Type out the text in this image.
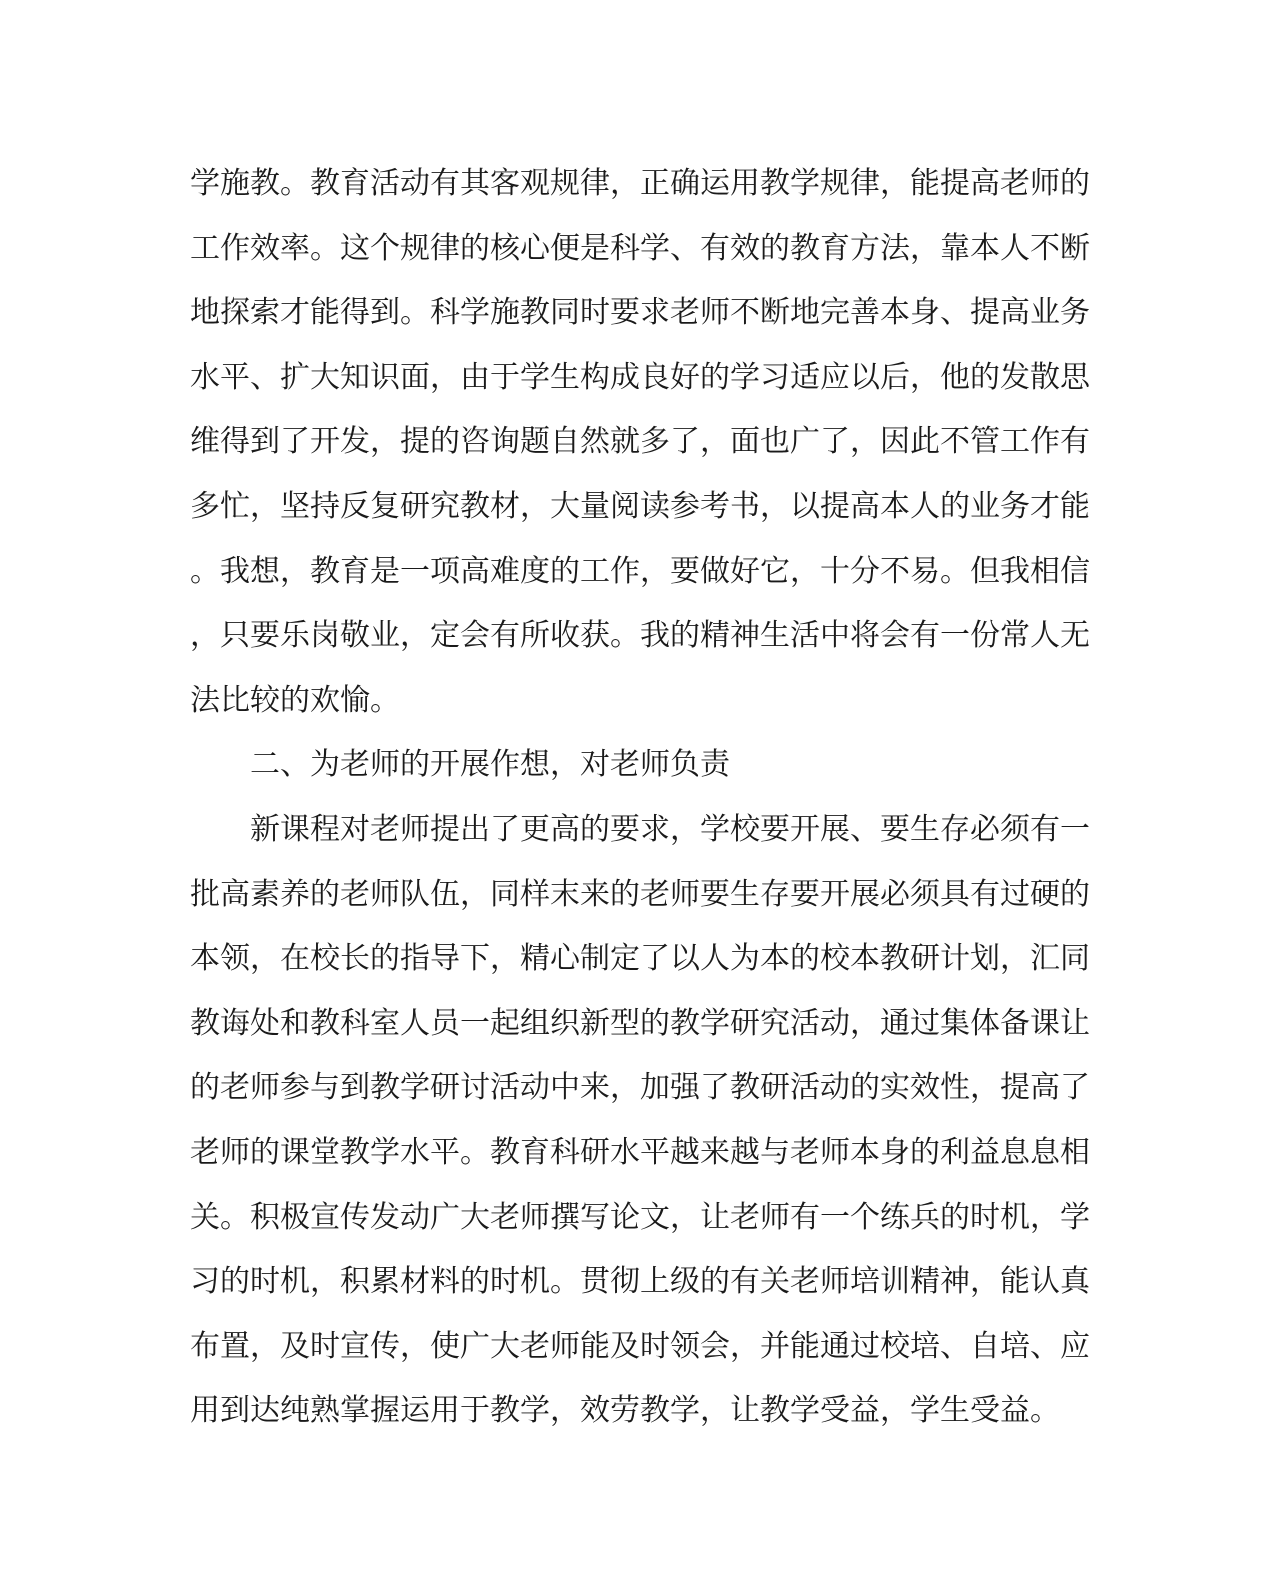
学 施 教 。 教 育 活 动 有 其 客 观 规 律 ， 正 确 运 用 教 学 规 律 ， 能 提 高 老 师 的
工 作 效 率 。 这 个 规 律 的 核 心 便 是 科 学 、 有 效 的 教 育 方 法 ， 靠 本 人 不 断
地 探 索 才 能 得 到 。 科 学 施 教 同 时 要 求 老 师 不 断 地 完 善 本 身 、 提 高 业 务
水 平 、 扩 大 知 识 面 ， 由 于 学 生 构 成 良 好 的 学 习 适 应 以 后 ， 他 的 发 散 思
维 得 到 了 开 发 ， 提 的 咨 询 题 自 然 就 多 了 ， 面 也 广 了 ， 因 此 不 管 工 作 有
多 忙 ， 坚 持 反 复 研 究 教 材 ， 大 量 阅 读 参 考 书 ， 以 提 高 本 人 的 业 务 才 能
。 我 想 ， 教 育 是 一 项 高 难 度 的 工 作 ， 要 做 好 它 ， 十 分 不 易 。 但 我 相 信
， 只 要 乐 岗 敬 业 ， 定 会 有 所 收 获 。 我 的 精 神 生 活 中 将 会 有 一 份 常 人 无
法比较的欢愉。
二、为老师的开展作想，对老师负责
新 课 程 对 老 师 提 出 了 更 高 的 要 求 ， 学 校 要 开 展 、 要 生 存 必 须 有 一
批 高 素 养 的 老 师 队 伍 ， 同 样 末 来 的 老 师 要 生 存 要 开 展 必 须 具 有 过 硬 的
本 领 ， 在 校 长 的 指 导 下 ， 精 心 制 定 了 以 人 为 本 的 校 本 教 研 计 划 ， 汇 同
教 诲 处 和 教 科 室 人 员 一 起 组 织 新 型 的 教 学 研 究 活 动 ， 通 过 集 体 备 课 让
的 老 师 参 与 到 教 学 研 讨 活 动 中 来 ， 加 强 了 教 研 活 动 的 实 效 性 ， 提 高 了
老 师 的 课 堂 教 学 水 平 。 教 育 科 研 水 平 越 来 越 与 老 师 本 身 的 利 益 息 息 相
关 。 积 极 宣 传 发 动 广 大 老 师 撰 写 论 文 ， 让 老 师 有 一 个 练 兵 的 时 机 ， 学
习 的 时 机 ， 积 累 材 料 的 时 机 。 贯 彻 上 级 的 有 关 老 师 培 训 精 神 ， 能 认 真
布 置 ， 及 时 宣 传 ， 使 广 大 老 师 能 及 时 领 会 ， 并 能 通 过 校 培 、 自 培 、 应
用 到 达 纯 熟 掌 握 运 用 于 教 学 ， 效 劳 教 学 ， 让 教 学 受 益 ， 学 生 受 益 。
